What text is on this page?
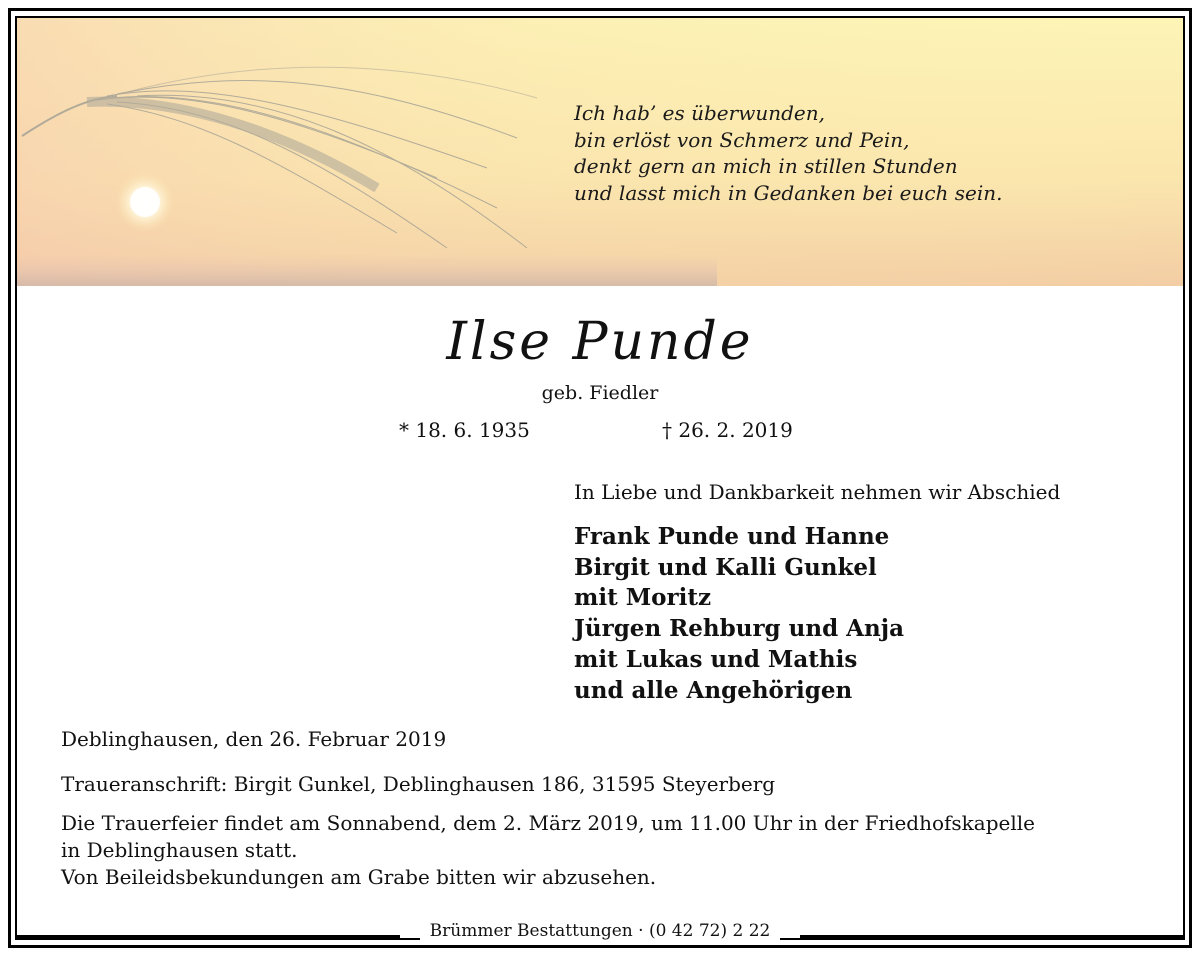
Ich hab’ es überwunden,
bin erlöst von Schmerz und Pein,
denkt gern an mich in stillen Stunden
und lasst mich in Gedanken bei euch sein.
Ilse Punde
geb. Fiedler
* 18. 6. 1935	† 26. 2. 2019
In Liebe und Dankbarkeit nehmen wir Abschied
Frank Punde und Hanne
Birgit und Kalli Gunkel
mit Moritz
Jürgen Rehburg und Anja
mit Lukas und Mathis
und alle Angehörigen
Deblinghausen, den 26. Februar 2019
Traueranschrift: Birgit Gunkel, Deblinghausen 186, 31595 Steyerberg
Die Trauerfeier findet am Sonnabend, dem 2. März 2019, um 11.00 Uhr in der Friedhofskapelle
in Deblinghausen statt.
Von Beileidsbekundungen am Grabe bitten wir abzusehen.
Brümmer Bestattungen · (0 42 72) 2 22
